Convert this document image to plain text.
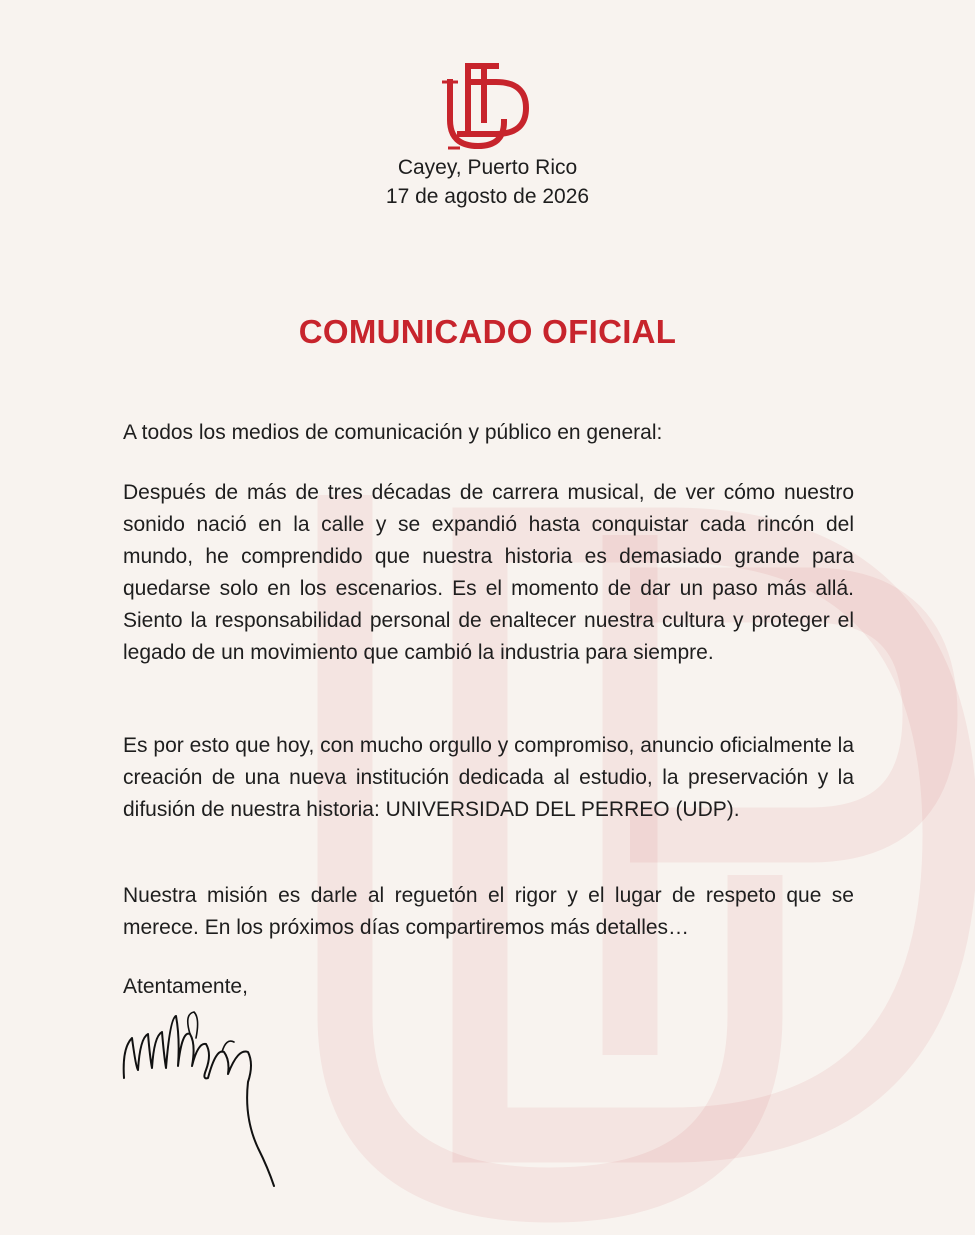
Cayey, Puerto Rico
17 de agosto de 2026
COMUNICADO OFICIAL
A todos los medios de comunicación y público en general:
Después de más de tres décadas de carrera musical, de ver cómo nuestro sonido nació en la calle y se expandió hasta conquistar cada rincón del mundo, he comprendido que nuestra historia es demasiado grande para quedarse solo en los escenarios. Es el momento de dar un paso más allá. Siento la responsabilidad personal de enaltecer nuestra cultura y proteger el legado de un movimiento que cambió la industria para siempre.
Es por esto que hoy, con mucho orgullo y compromiso, anuncio oficialmente la creación de una nueva institución dedicada al estudio, la preservación y la difusión de nuestra historia: UNIVERSIDAD DEL PERREO (UDP).
Nuestra misión es darle al reguetón el rigor y el lugar de respeto que se merece. En los próximos días compartiremos más detalles…
Atentamente,
